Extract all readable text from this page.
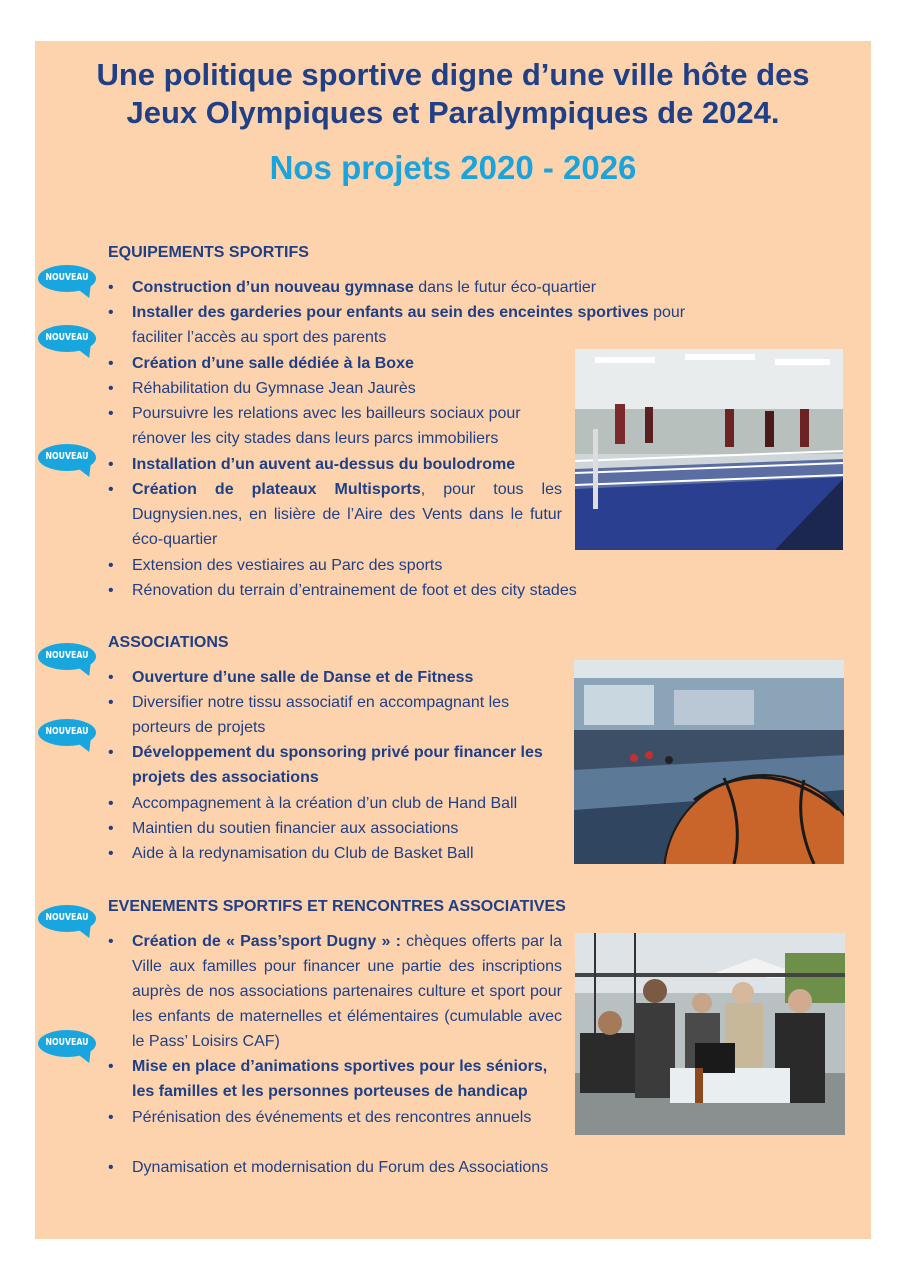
Une politique sportive digne d’une ville hôte des
Jeux Olympiques et Paralympiques de 2024.
Nos projets 2020 - 2026
NOUVEAU
NOUVEAU
NOUVEAU
NOUVEAU
NOUVEAU
NOUVEAU
NOUVEAU
EQUIPEMENTS SPORTIFS
• Construction d’un nouveau gymnase dans le futur éco-quartier
• Installer des garderies pour enfants au sein des enceintes sportives pour faciliter l’accès au sport des parents
• Création d’une salle dédiée à la Boxe
• Réhabilitation du Gymnase Jean Jaurès
• Poursuivre les relations avec les bailleurs sociaux pour rénover les city stades dans leurs parcs immobiliers
• Installation d’un auvent au-dessus du boulodrome
• Création de plateaux Multisports, pour tous les Dugnysien.nes, en lisière de l’Aire des Vents dans le futur éco-quartier
• Extension des vestiaires au Parc des sports
• Rénovation du terrain d’entrainement de foot et des city stades
ASSOCIATIONS
• Ouverture d’une salle de Danse et de Fitness
• Diversifier notre tissu associatif en accompagnant les porteurs de projets
• Développement du sponsoring privé pour financer les projets des associations
• Accompagnement à la création d’un club de Hand Ball
• Maintien du soutien financier aux associations
• Aide à la redynamisation du Club de Basket Ball
EVENEMENTS SPORTIFS ET RENCONTRES ASSOCIATIVES
• Création de « Pass’sport Dugny » : chèques offerts par la Ville aux familles pour financer une partie des inscriptions auprès de nos associations partenaires culture et sport pour les enfants de maternelles et élémentaires (cumulable avec le Pass’ Loisirs CAF)
• Mise en place d’animations sportives pour les séniors, les familles et les personnes porteuses de handicap
• Pérénisation des événements et des rencontres annuels
• Dynamisation et modernisation du Forum des Associations
